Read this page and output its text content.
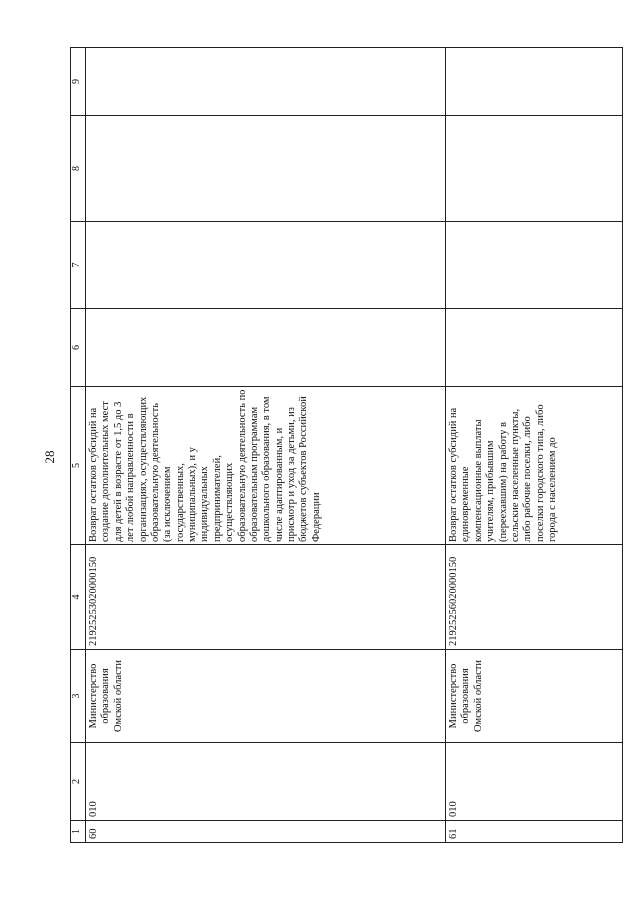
28
1	2	3	4	5	6	7	8	9
60	010	Министерство образования Омской области	21925253020000150	Возврат остатков субсидий на создание дополнительных мест для детей в возрасте от 1,5 до 3 лет любой направленности в организациях, осуществляющих образовательную деятельность (за исключением государственных, муниципальных), и у индивидуальных предпринимателей, осуществляющих образовательную деятельность по образовательным программам дошкольного образования, в том числе адаптированным, и присмотр и уход за детьми, из бюджетов субъектов Российской Федерации				
61	010	Министерство образования Омской области	21925256020000150	Возврат остатков субсидий на единовременные компенсационные выплаты учителям, прибывшим (переехавшим) на работу в сельские населенные пункты, либо рабочие поселки, либо поселки городского типа, либо города с населением до				
